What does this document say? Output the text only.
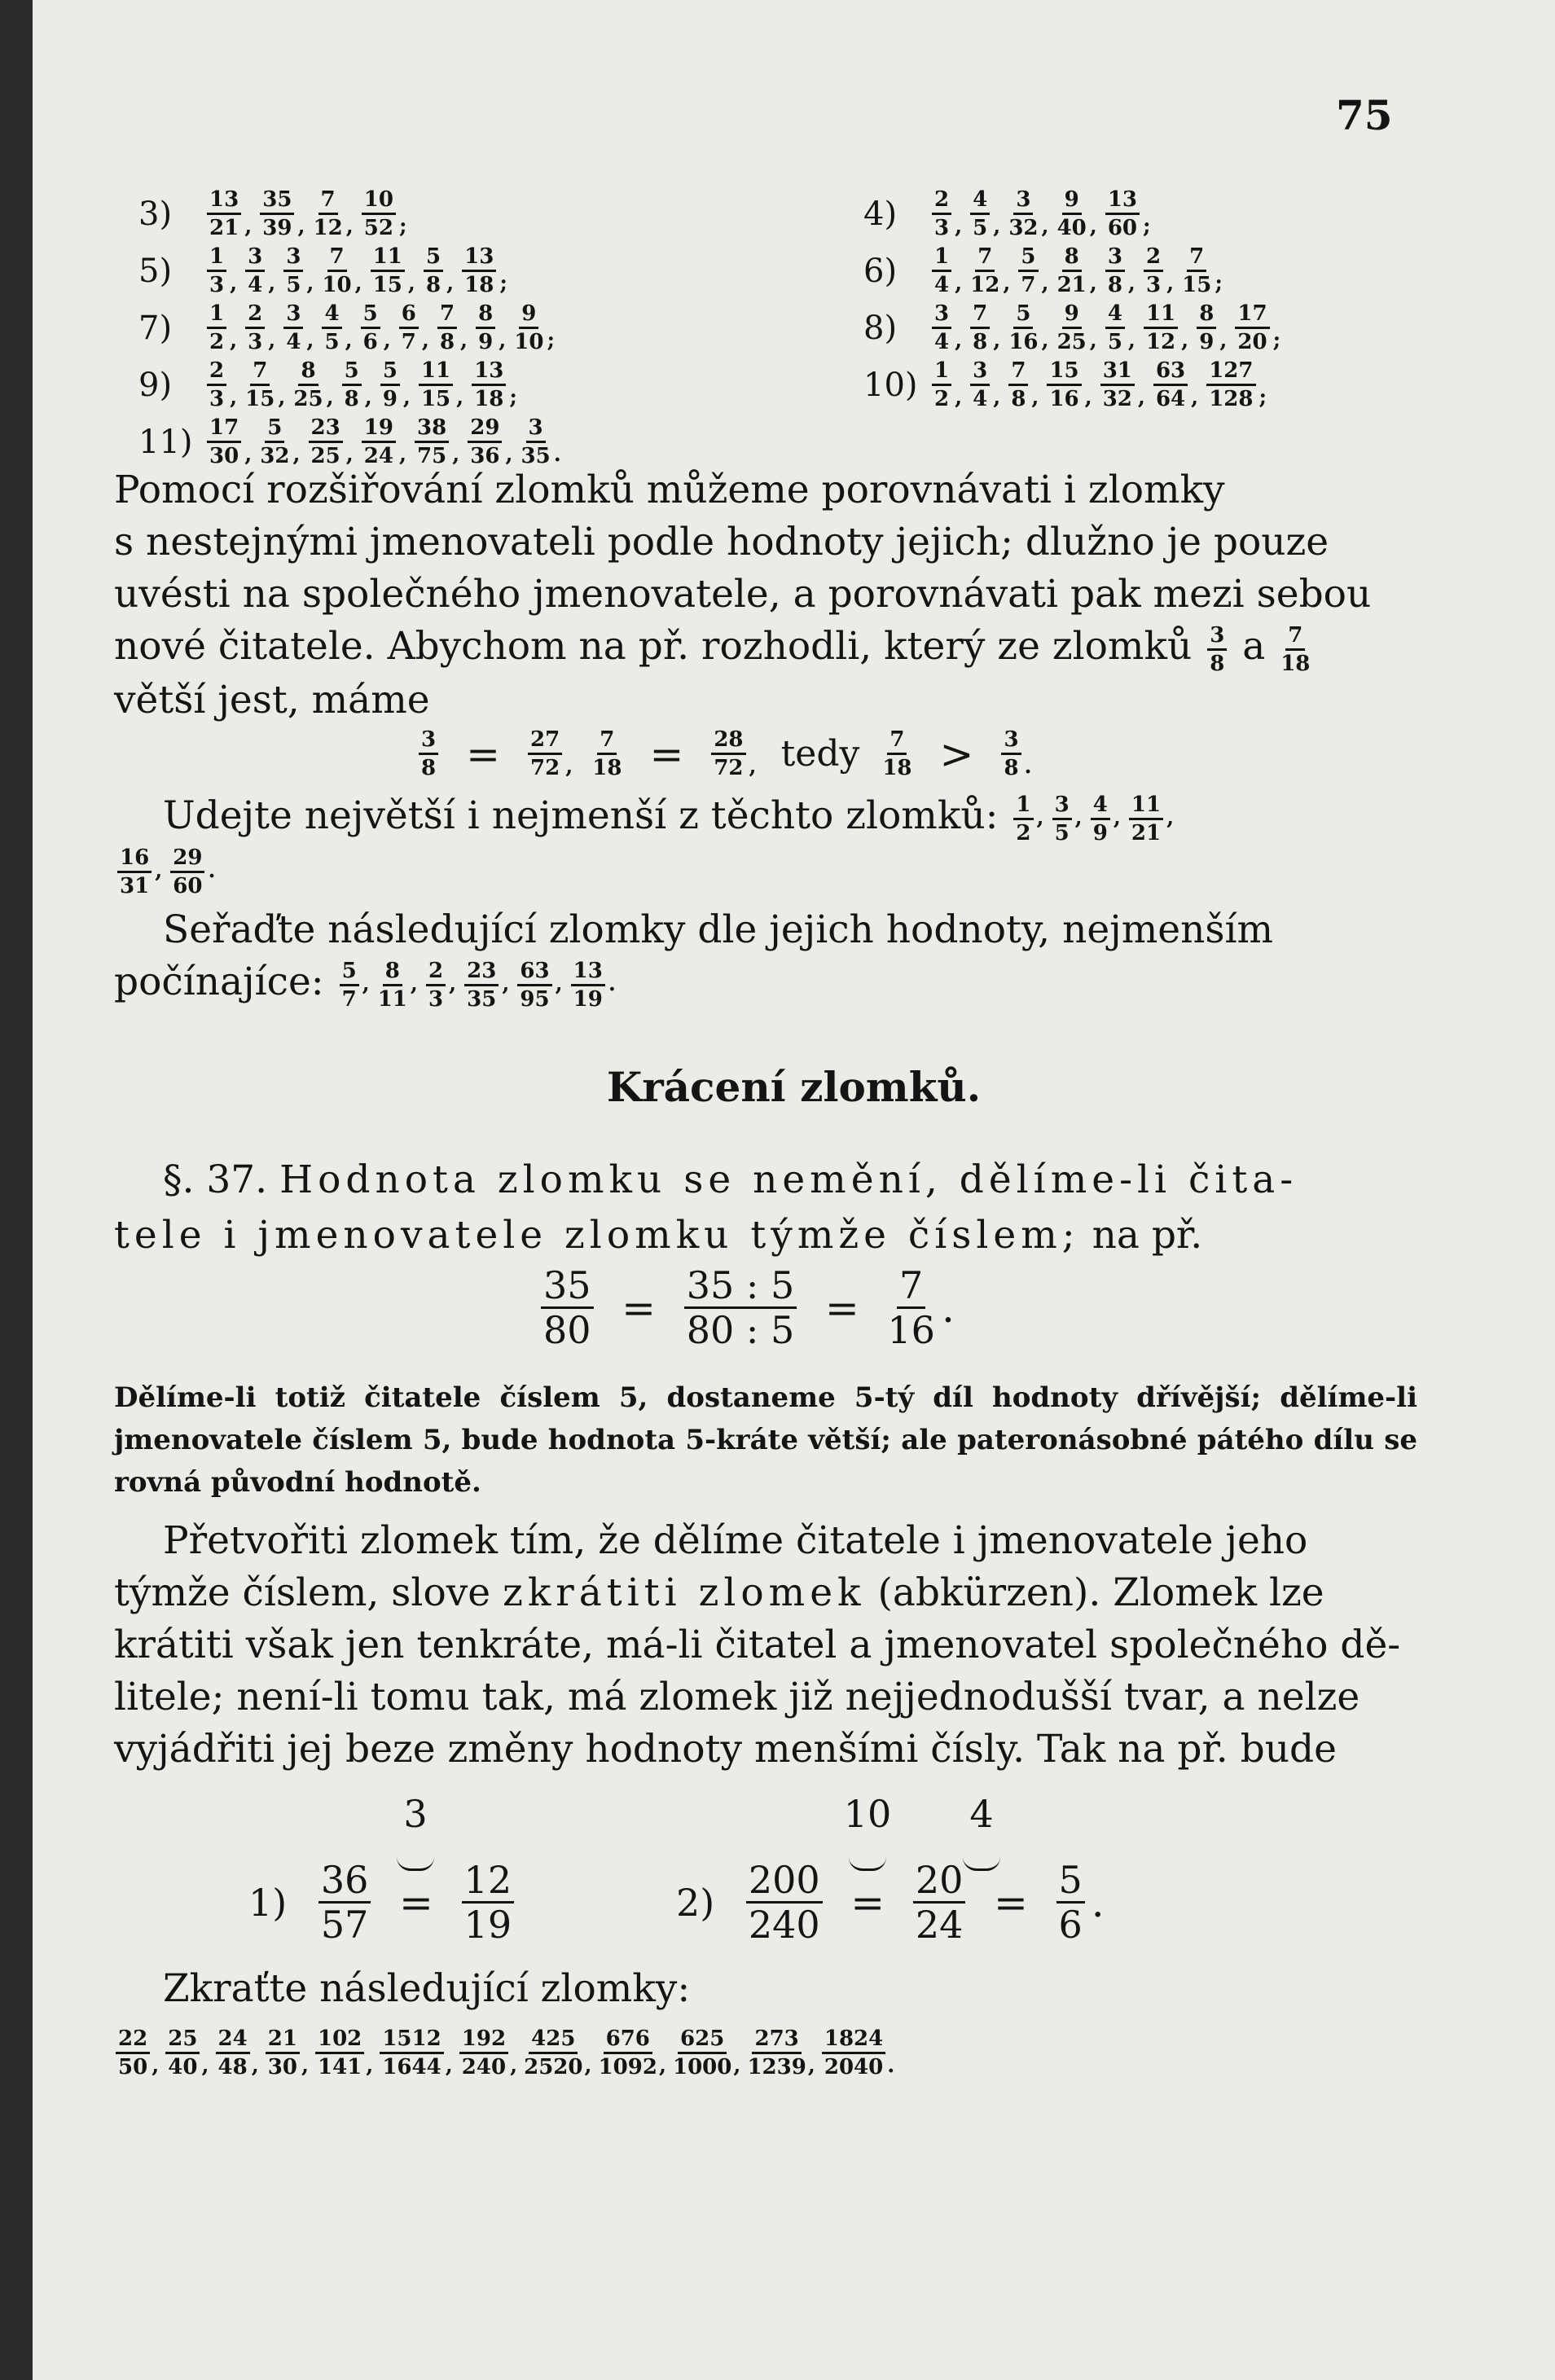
75
$3) \frac{13}{21}$ , $\frac{35}{39}$ , $\frac{7}{12}$ , $\frac{10}{52}$ ;
$5) \frac{1}{3}$ , $\frac{3}{4}$ , $\frac{3}{5}$ , $\frac{7}{10}$ , $\frac{11}{15}$ , $\frac{5}{8}$ , $\frac{13}{18}$ ;
$7) \frac{1}{2}$ , $\frac{2}{3}$ , $\frac{3}{4}$ , $\frac{4}{5}$ , $\frac{5}{6}$ , $\frac{6}{7}$ , $\frac{7}{8}$ , $\frac{8}{9}$ , $\frac{9}{10}$ ;
$9) \frac{2}{3}$ , $\frac{7}{15}$ , $\frac{8}{25}$ , $\frac{5}{8}$ , $\frac{5}{9}$ , $\frac{11}{15}$ , $\frac{13}{18}$ ;
$11) \frac{17}{30}$ , $\frac{5}{32}$ , $\frac{23}{25}$ , $\frac{19}{24}$ , $\frac{38}{75}$ , $\frac{29}{36}$ , $\frac{3}{35}$ .
$4) \frac{2}{3}$ , $\frac{4}{5}$ , $\frac{3}{32}$ , $\frac{9}{40}$ , $\frac{13}{60}$ ;
$6) \frac{1}{4}$ , $\frac{7}{12}$ , $\frac{5}{7}$ , $\frac{8}{21}$ , $\frac{3}{8}$ , $\frac{2}{3}$ , $\frac{7}{15}$ ;
$8) \frac{3}{4}$ , $\frac{7}{8}$ , $\frac{5}{16}$ , $\frac{9}{25}$ , $\frac{4}{5}$ , $\frac{11}{12}$ , $\frac{8}{9}$ , $\frac{17}{20}$ ;
$10) \frac{1}{2}$ , $\frac{3}{4}$ , $\frac{7}{8}$ , $\frac{15}{16}$ , $\frac{31}{32}$ , $\frac{63}{64}$ , $\frac{127}{128}$ ;
Pomocí rozšiřování zlomků můžeme porovnávati i zlomky
s nestejnými jmenovateli podle hodnoty jejich; dlužno je pouze
uvésti na společného jmenovatele, a porovnávati pak mezi sebou
nové čitatele. Abychom na př. rozhodli, který ze zlomků $\frac{3}{8}$ a $\frac{7}{18}$
větší jest, máme
$\frac{3}{8} = \frac{27}{72}$ , $\frac{7}{18} = \frac{28}{72}$ , tedy $\frac{7}{18} > \frac{3}{8}$ .
Udejte největší i nejmenší z těchto zlomků: $\frac{1}{2}$ , $\frac{3}{5}$ , $\frac{4}{9}$ , $\frac{11}{21}$ ,
$\frac{16}{31}$ , $\frac{29}{60}$ .
Seřaďte následující zlomky dle jejich hodnoty, nejmenším
počínajíce: $\frac{5}{7}$ , $\frac{8}{11}$ , $\frac{2}{3}$ , $\frac{23}{35}$ , $\frac{63}{95}$ , $\frac{13}{19}$ .
Krácení zlomků.
§. 37. Hodnota zlomku se nemění, dělíme-li čita-
tele i jmenovatele zlomku týmže číslem; na př.
$\frac{35}{80} = \frac{35 : 5}{80 : 5} = \frac{7}{16}$ .
Dělíme-li totiž čitatele číslem 5, dostaneme 5-tý díl hodnoty dřívější; dělíme-li jmenovatele číslem 5, bude hodnota 5-kráte větší; ale pateronásobné pátého dílu se rovná původní hodnotě.
Přetvořiti zlomek tím, že dělíme čitatele i jmenovatele jeho
týmže číslem, slove zkrátiti zlomek (abkürzen). Zlomek lze
krátiti však jen tenkráte, má-li čitatel a jmenovatel společného dě-
litele; není-li tomu tak, má zlomek již nejjednodušší tvar, a nelze
vyjádřiti jej beze změny hodnoty menšími čísly. Tak na př. bude
3	10	4
$1) \frac{36}{57} = \frac{12}{19}$	$2) \frac{200}{240} = \frac{20}{24} = \frac{5}{6}$ .
Zkraťte následující zlomky:
$\frac{22}{50}$ , $\frac{25}{40}$ , $\frac{24}{48}$ , $\frac{21}{30}$ , $\frac{102}{141}$ , $\frac{1512}{1644}$ , $\frac{192}{240}$ , $\frac{425}{2520}$ , $\frac{676}{1092}$ , $\frac{625}{1000}$ , $\frac{273}{1239}$ , $\frac{1824}{2040}$ .
